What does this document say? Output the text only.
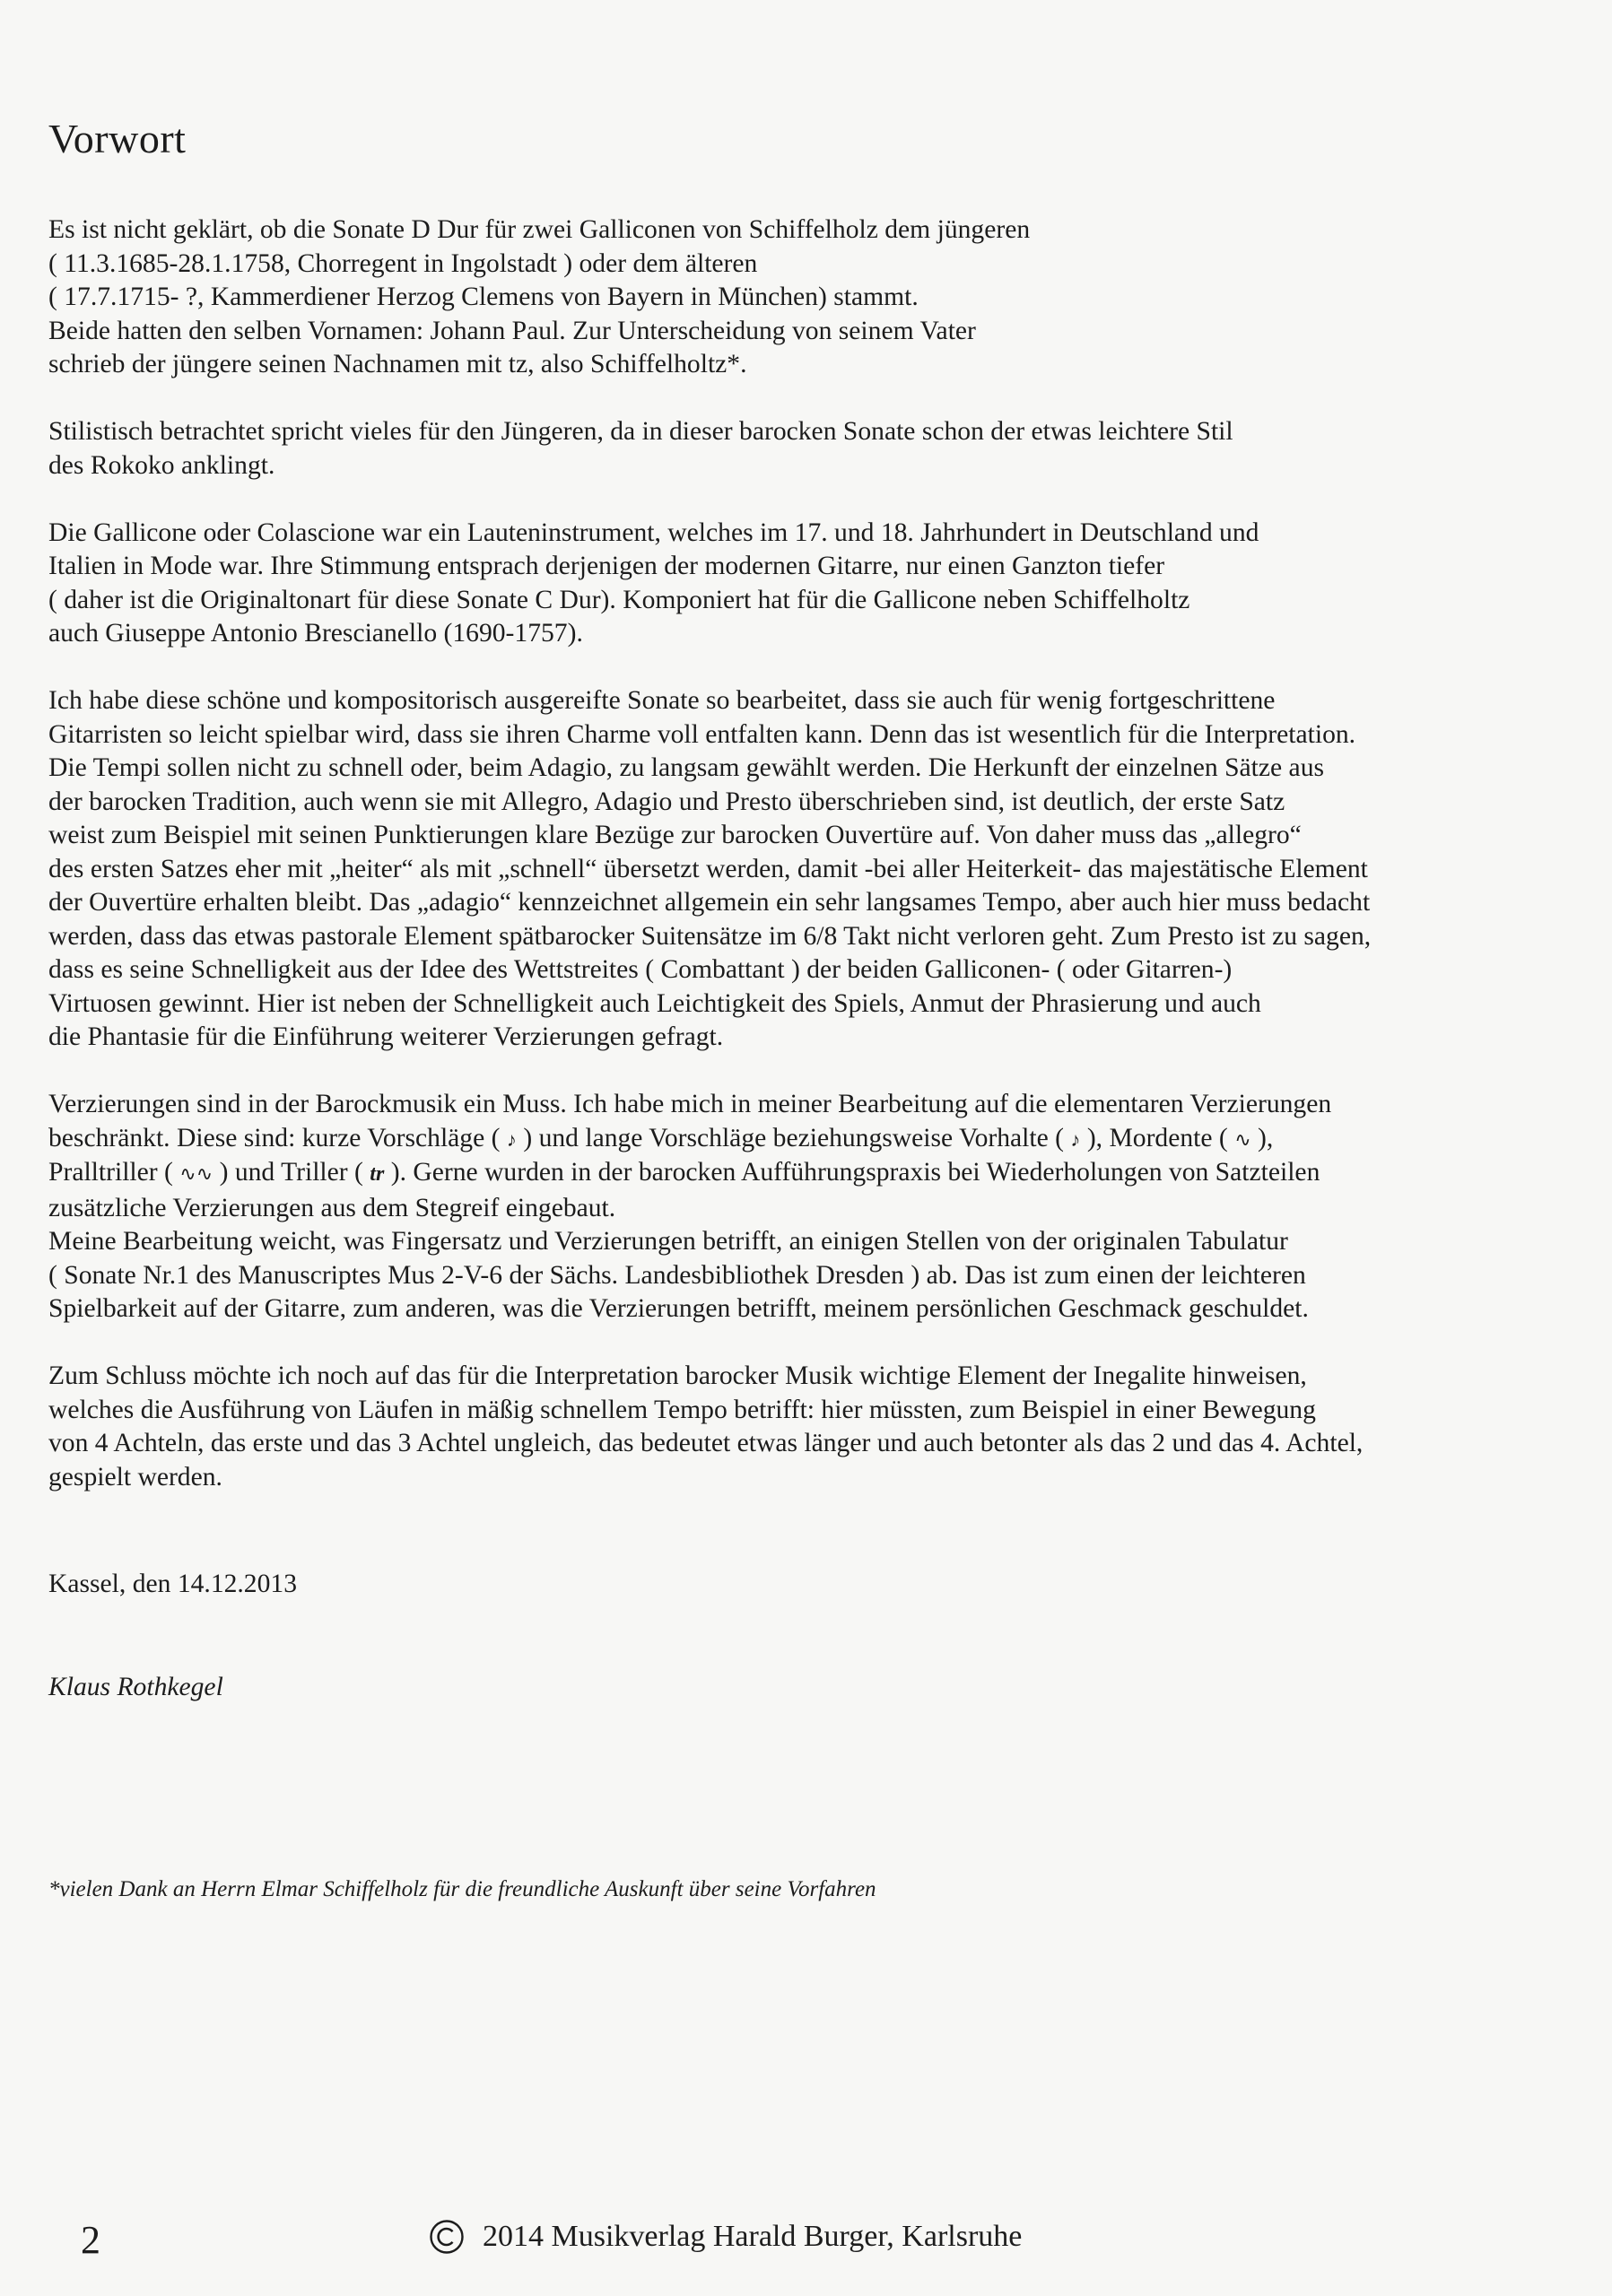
Vorwort

Es ist nicht geklärt, ob die Sonate D Dur für zwei Galliconen von Schiffelholz dem jüngeren
( 11.3.1685-28.1.1758, Chorregent in Ingolstadt ) oder dem älteren
( 17.7.1715- ?, Kammerdiener Herzog Clemens von Bayern in München) stammt.
Beide hatten den selben Vornamen: Johann Paul. Zur Unterscheidung von seinem Vater
schrieb der jüngere seinen Nachnamen mit tz, also Schiffelholtz*.

Stilistisch betrachtet spricht vieles für den Jüngeren, da in dieser barocken Sonate schon der etwas leichtere Stil
des Rokoko anklingt.

Die Gallicone oder Colascione war ein Lauteninstrument, welches im 17. und 18. Jahrhundert in Deutschland und
Italien in Mode war. Ihre Stimmung entsprach derjenigen der modernen Gitarre, nur einen Ganzton tiefer
( daher ist die Originaltonart für diese Sonate C Dur). Komponiert hat für die Gallicone neben Schiffelholtz
auch Giuseppe Antonio Brescianello (1690-1757).

Ich habe diese schöne und kompositorisch ausgereifte Sonate so bearbeitet, dass sie auch für wenig fortgeschrittene
Gitarristen so leicht spielbar wird, dass sie ihren Charme voll entfalten kann. Denn das ist wesentlich für die Interpretation.
Die Tempi sollen nicht zu schnell oder, beim Adagio, zu langsam gewählt werden. Die Herkunft der einzelnen Sätze aus
der barocken Tradition, auch wenn sie mit Allegro, Adagio und Presto überschrieben sind, ist deutlich, der erste Satz
weist zum Beispiel mit seinen Punktierungen klare Bezüge zur barocken Ouvertüre auf. Von daher muss das „allegro“
des ersten Satzes eher mit „heiter“ als mit „schnell“ übersetzt werden, damit -bei aller Heiterkeit- das majestätische Element
der Ouvertüre erhalten bleibt. Das „adagio“ kennzeichnet allgemein ein sehr langsames Tempo, aber auch hier muss bedacht
werden, dass das etwas pastorale Element spätbarocker Suitensätze im 6/8 Takt nicht verloren geht. Zum Presto ist zu sagen,
dass es seine Schnelligkeit aus der Idee des Wettstreites ( Combattant ) der beiden Galliconen- ( oder Gitarren-)
Virtuosen gewinnt. Hier ist neben der Schnelligkeit auch Leichtigkeit des Spiels, Anmut der Phrasierung und auch
die Phantasie für die Einführung weiterer Verzierungen gefragt.

Verzierungen sind in der Barockmusik ein Muss. Ich habe mich in meiner Bearbeitung auf die elementaren Verzierungen
beschränkt. Diese sind: kurze Vorschläge ( ♪ ) und lange Vorschläge beziehungsweise Vorhalte ( ♪ ), Mordente ( ∿ ),
Pralltriller ( ∿∿ ) und Triller ( tr ). Gerne wurden in der barocken Aufführungspraxis bei Wiederholungen von Satzteilen
zusätzliche Verzierungen aus dem Stegreif eingebaut.
Meine Bearbeitung weicht, was Fingersatz und Verzierungen betrifft, an einigen Stellen von der originalen Tabulatur
( Sonate Nr.1 des Manuscriptes Mus 2-V-6 der Sächs. Landesbibliothek Dresden ) ab. Das ist zum einen der leichteren
Spielbarkeit auf der Gitarre, zum anderen, was die Verzierungen betrifft, meinem persönlichen Geschmack geschuldet.

Zum Schluss möchte ich noch auf das für die Interpretation barocker Musik wichtige Element der Inegalite hinweisen,
welches die Ausführung von Läufen in mäßig schnellem Tempo betrifft: hier müssten, zum Beispiel in einer Bewegung
von 4 Achteln, das erste und das 3 Achtel ungleich, das bedeutet etwas länger und auch betonter als das 2 und das 4. Achtel,
gespielt werden.

Kassel, den 14.12.2013

Klaus Rothkegel

*vielen Dank an Herrn Elmar Schiffelholz für die freundliche Auskunft über seine Vorfahren

2	2014 Musikverlag Harald Burger, Karlsruhe
